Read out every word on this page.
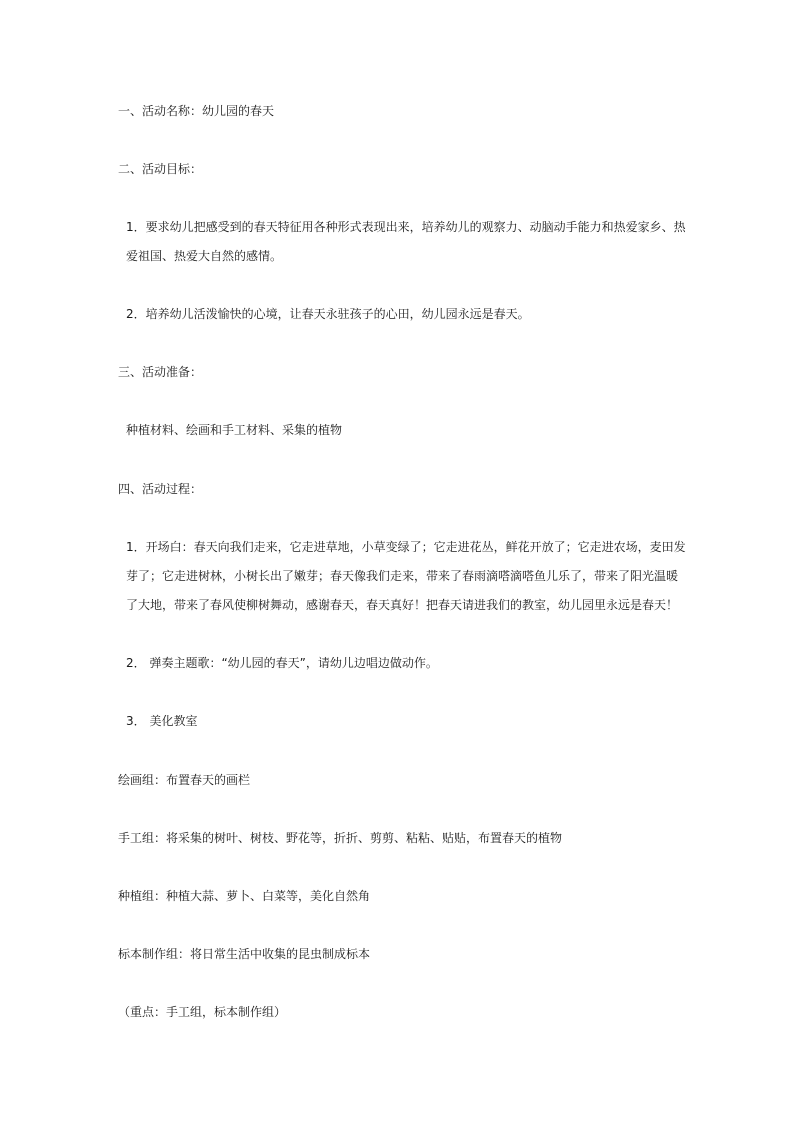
一、活动名称：幼儿园的春天
二、活动目标：
1．要求幼儿把感受到的春天特征用各种形式表现出来，培养幼儿的观察力、动脑动手能力和热爱家乡、热爱祖国、热爱大自然的感情。
2．培养幼儿活泼愉快的心境，让春天永驻孩子的心田，幼儿园永远是春天。
三、活动准备：
种植材料、绘画和手工材料、采集的植物
四、活动过程：
1．开场白：春天向我们走来，它走进草地，小草变绿了；它走进花丛，鲜花开放了；它走进农场，麦田发芽了；它走进树林，小树长出了嫩芽；春天像我们走来，带来了春雨滴嗒滴嗒鱼儿乐了，带来了阳光温暖了大地，带来了春风使柳树舞动，感谢春天，春天真好！把春天请进我们的教室，幼儿园里永远是春天！
2． 弹奏主题歌：“幼儿园的春天”，请幼儿边唱边做动作。
3． 美化教室
绘画组：布置春天的画栏
手工组：将采集的树叶、树枝、野花等，折折、剪剪、粘粘、贴贴，布置春天的植物
种植组：种植大蒜、萝卜、白菜等，美化自然角
标本制作组：将日常生活中收集的昆虫制成标本
（重点：手工组，标本制作组）
